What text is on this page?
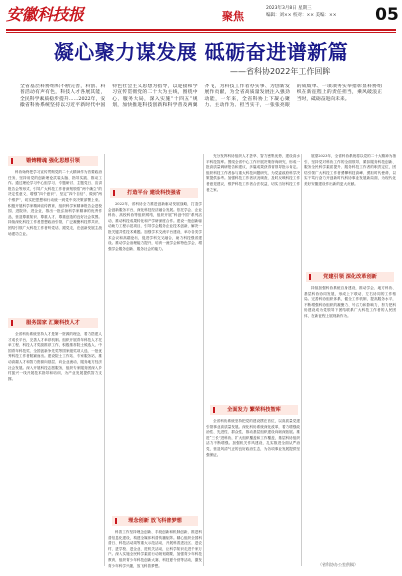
安徽科技报	聚焦
2023年3月8日 星期三
编辑：刘×× 校对：×× 美编：××	05
凝心聚力谋发展 砥砺奋进谱新篇
——省科协2022年工作回眸
全省基层科协组织不断完善，科创、科普活动有声有色，科技人才各展其能，全民科学素质稳步提升……2022年，安徽省科协系统坚持以习近平新时代中国特色社会主义思想为指导，以迎接和学习宣传贯彻党的二十大为主线，围绕中心、服务大局，深入实施“十四五”规划，加快推进科技创新和科学普及两翼齐飞，为科技工作者办实事、为创新发展作贡献，为全省高质量发展注入强劲动能，一年来，全省科协上下凝心聚力、主动作为、担当实干，一张张亮眼的成绩单、一项项务实举措彰显科协组织在新征程上的责任担当，乘风破浪正当时，砥砺奋进向未来。
锻铸精魂 强化思想引领

科协始终把学习宣传贯彻党的二十大精神作为首要政治任务，坚持用党的创新理论武装头脑、指导实践、推动工作。通过理论学习中心组学习、专题研讨、主题党日、宣讲报告会等形式，引导广大科技工作者深刻领悟“两个确立”的决定性意义，增强“四个意识”、坚定“四个自信”、做到“两个维护”，切实把思想和行动统一到党中央决策部署上来。积极开展科学家精神宣传教育，组织科学家精神报告会进校园、进院所、进企业，推出一批弘扬科学家精神的优秀作品，营造尊重知识、尊重人才、尊重创造的良好社会氛围。持续深化科技工作者思想政治引领，广泛凝聚科技界共识，团结引领广大科技工作者听党话、跟党走，在创新发展主战场建功立业。

服务国家 汇聚科技人才

全省科协系统坚持人才是第一资源的理念，着力搭建人才成长平台，完善人才举荐机制。组织开展青年科技人才托举工程、科技人才奖励推荐工作，积极推荐院士候选人、中国青年科技奖、全国创新争先奖等国家级奖项人选，一批优秀科技工作者脱颖而出。建设院士工作站、专家服务站，推动高端人才和智力资源向基层、向企业流动，服务地方经济社会发展。深入开展科技志愿服务，组织专家服务团深入乡村振兴一线开展技术指导和培训，为产业发展提供智力支撑。

打造平台 建设科技强省

2022年，省科协全力推进创新驱动发展战略，打造学会创新服务平台，深化科技经济融合发展。依托学会、企业科协、高校科协等组织网络，组织开展“科创中国”系列活动，推动科技成果转化和产学研深度合作。建设一批创新驱动助力工程示范项目，引导学会服务企业技术创新，解决一批关键共性技术难题。加强学术交流平台建设，举办各类学术会议和高端论坛，促进学科交叉融合，助力科技强省建设。推动学会治理能力提升，培育一流学会和特色学会，增强学会服务创新、服务社会的能力。

理念创新 放飞科普梦想

科普工作坚持理念创新、手段创新和机制创新，推进科普信息化建设，构建全媒体科普传播矩阵。精心组织全国科普日、科技活动周等重大示范活动，开展科普进社区、进农村、进学校、进企业、进机关活动，让科学知识走进千家万户。深入实施全民科学素质行动规划纲要，加强青少年科技教育，组织青少年科技创新大赛、科技夏令营等活动，激发青少年科学兴趣，放飞科普梦想。

充分发挥科协组织人才荟萃、智力密集优势，建设高水平科技智库。围绕全省中心工作开展决策咨询研究，形成一批高质量调研报告和建议，多篇成果获得省领导批示肯定。组织科技工作者参与重大科技问题研究，为党委政府科学决策提供参考。加强科技工作者状况调查，及时反映科技工作者意见建议，维护科技工作者合法权益，切实当好科技工作者之家。

全面发力 繁荣科技智库

全省科协系统坚持把党的建设摆在首位，以高质量党建引领事业高质量发展。深化科协系统深化改革，着力增强政治性、先进性、群众性，推动基层组织建设向纵深拓展。推进“三长”进科协，扩大组织覆盖和工作覆盖，基层科协组织活力不断增强。加强机关作风建设，扎实推进全面从严治党，营造风清气正的良好政治生态，为各项事业发展提供坚强保证。

展望2023年，全省科协系统将以党的二十大精神为指引，坚持党对科协工作的全面领导，紧扣服务科技创新、服务全民科学素质提升、服务科技工作者的职责定位，团结引领广大科技工作者勇攀科技高峰、勇担时代使命，以实干笃行奋力开创新时代科协事业发展新局面，为现代化美好安徽建设作出新的更大贡献。

党建引领 深化改革创新

持续加强科协系统自身建设，推动学会、地方科协、基层科协协同发展，形成上下联动、左右协同的工作格局。完善科协组织体系，健全工作机制，提高服务水平，不断增强科协组织的凝聚力、号召力和影响力，努力把科协建设成为党领导下团结联系广大科技工作者的人民团体，在新征程上展现新作为。

（省科协办公室供稿）
